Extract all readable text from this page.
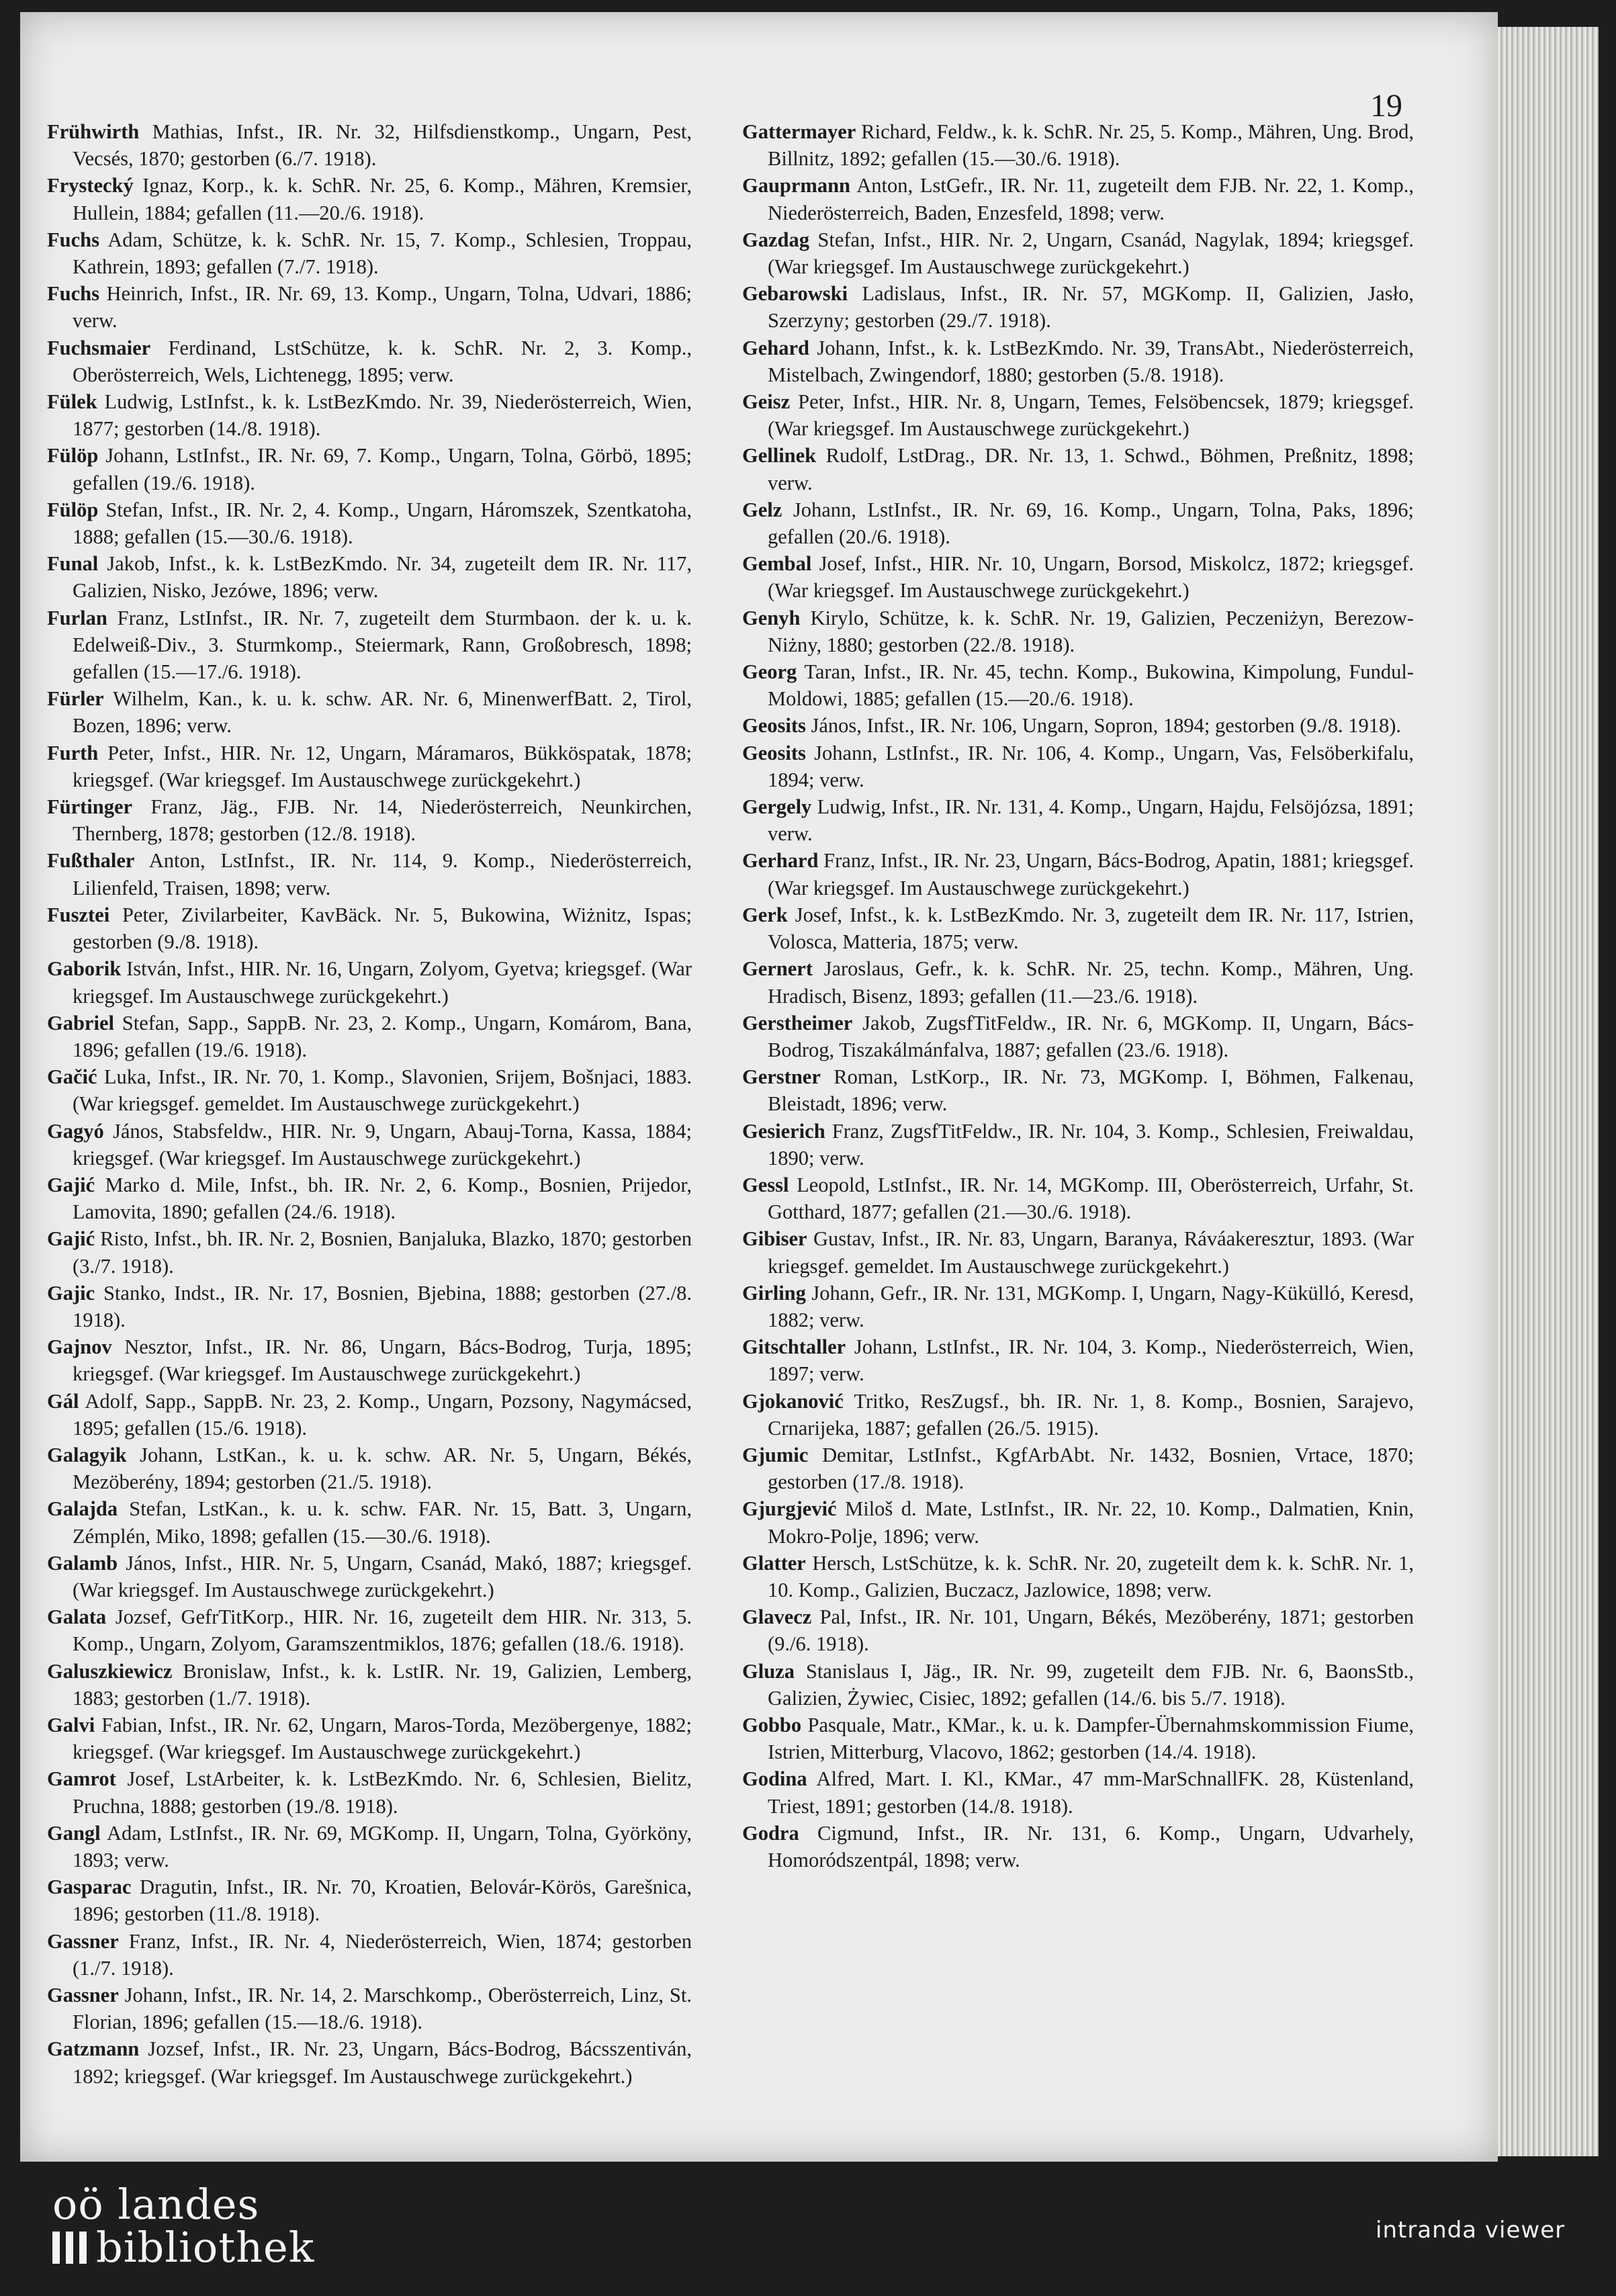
19
Frühwirth Mathias, Infst., IR. Nr. 32, Hilfsdienstkomp., Ungarn, Pest, Vecsés, 1870; gestorben (6./7. 1918).
Frystecký Ignaz, Korp., k. k. SchR. Nr. 25, 6. Komp., Mähren, Kremsier, Hullein, 1884; gefallen (11.—20./6. 1918).
Fuchs Adam, Schütze, k. k. SchR. Nr. 15, 7. Komp., Schlesien, Troppau, Kathrein, 1893; gefallen (7./7. 1918).
Fuchs Heinrich, Infst., IR. Nr. 69, 13. Komp., Ungarn, Tolna, Udvari, 1886; verw.
Fuchsmaier Ferdinand, LstSchütze, k. k. SchR. Nr. 2, 3. Komp., Oberösterreich, Wels, Lichtenegg, 1895; verw.
Fülek Ludwig, LstInfst., k. k. LstBezKmdo. Nr. 39, Niederösterreich, Wien, 1877; gestorben (14./8. 1918).
Fülöp Johann, LstInfst., IR. Nr. 69, 7. Komp., Ungarn, Tolna, Görbö, 1895; gefallen (19./6. 1918).
Fülöp Stefan, Infst., IR. Nr. 2, 4. Komp., Ungarn, Háromszek, Szentkatoha, 1888; gefallen (15.—30./6. 1918).
Funal Jakob, Infst., k. k. LstBezKmdo. Nr. 34, zugeteilt dem IR. Nr. 117, Galizien, Nisko, Jezówe, 1896; verw.
Furlan Franz, LstInfst., IR. Nr. 7, zugeteilt dem Sturmbaon. der k. u. k. Edelweiß-Div., 3. Sturmkomp., Steiermark, Rann, Großobresch, 1898; gefallen (15.—17./6. 1918).
Fürler Wilhelm, Kan., k. u. k. schw. AR. Nr. 6, MinenwerfBatt. 2, Tirol, Bozen, 1896; verw.
Furth Peter, Infst., HIR. Nr. 12, Ungarn, Máramaros, Bükköspatak, 1878; kriegsgef. (War kriegsgef. Im Austauschwege zurückgekehrt.)
Fürtinger Franz, Jäg., FJB. Nr. 14, Niederösterreich, Neunkirchen, Thernberg, 1878; gestorben (12./8. 1918).
Fußthaler Anton, LstInfst., IR. Nr. 114, 9. Komp., Niederösterreich, Lilienfeld, Traisen, 1898; verw.
Fusztei Peter, Zivilarbeiter, KavBäck. Nr. 5, Bukowina, Wiżnitz, Ispas; gestorben (9./8. 1918).
Gaborik István, Infst., HIR. Nr. 16, Ungarn, Zolyom, Gyetva; kriegsgef. (War kriegsgef. Im Austauschwege zurückgekehrt.)
Gabriel Stefan, Sapp., SappB. Nr. 23, 2. Komp., Ungarn, Komárom, Bana, 1896; gefallen (19./6. 1918).
Gačić Luka, Infst., IR. Nr. 70, 1. Komp., Slavonien, Srijem, Bošnjaci, 1883. (War kriegsgef. gemeldet. Im Austauschwege zurückgekehrt.)
Gagyó János, Stabsfeldw., HIR. Nr. 9, Ungarn, Abauj-Torna, Kassa, 1884; kriegsgef. (War kriegsgef. Im Austauschwege zurückgekehrt.)
Gajić Marko d. Mile, Infst., bh. IR. Nr. 2, 6. Komp., Bosnien, Prijedor, Lamovita, 1890; gefallen (24./6. 1918).
Gajić Risto, Infst., bh. IR. Nr. 2, Bosnien, Banjaluka, Blazko, 1870; gestorben (3./7. 1918).
Gajic Stanko, Indst., IR. Nr. 17, Bosnien, Bjebina, 1888; gestorben (27./8. 1918).
Gajnov Nesztor, Infst., IR. Nr. 86, Ungarn, Bács-Bodrog, Turja, 1895; kriegsgef. (War kriegsgef. Im Austauschwege zurückgekehrt.)
Gál Adolf, Sapp., SappB. Nr. 23, 2. Komp., Ungarn, Pozsony, Nagymácsed, 1895; gefallen (15./6. 1918).
Galagyik Johann, LstKan., k. u. k. schw. AR. Nr. 5, Ungarn, Békés, Mezöberény, 1894; gestorben (21./5. 1918).
Galajda Stefan, LstKan., k. u. k. schw. FAR. Nr. 15, Batt. 3, Ungarn, Zémplén, Miko, 1898; gefallen (15.—30./6. 1918).
Galamb János, Infst., HIR. Nr. 5, Ungarn, Csanád, Makó, 1887; kriegsgef. (War kriegsgef. Im Austauschwege zurückgekehrt.)
Galata Jozsef, GefrTitKorp., HIR. Nr. 16, zugeteilt dem HIR. Nr. 313, 5. Komp., Ungarn, Zolyom, Garamszentmiklos, 1876; gefallen (18./6. 1918).
Galuszkiewicz Bronislaw, Infst., k. k. LstIR. Nr. 19, Galizien, Lemberg, 1883; gestorben (1./7. 1918).
Galvi Fabian, Infst., IR. Nr. 62, Ungarn, Maros-Torda, Mezöbergenye, 1882; kriegsgef. (War kriegsgef. Im Austauschwege zurückgekehrt.)
Gamrot Josef, LstArbeiter, k. k. LstBezKmdo. Nr. 6, Schlesien, Bielitz, Pruchna, 1888; gestorben (19./8. 1918).
Gangl Adam, LstInfst., IR. Nr. 69, MGKomp. II, Ungarn, Tolna, Györköny, 1893; verw.
Gasparac Dragutin, Infst., IR. Nr. 70, Kroatien, Belovár-Körös, Garešnica, 1896; gestorben (11./8. 1918).
Gassner Franz, Infst., IR. Nr. 4, Niederösterreich, Wien, 1874; gestorben (1./7. 1918).
Gassner Johann, Infst., IR. Nr. 14, 2. Marschkomp., Oberösterreich, Linz, St. Florian, 1896; gefallen (15.—18./6. 1918).
Gatzmann Jozsef, Infst., IR. Nr. 23, Ungarn, Bács-Bodrog, Bácsszentiván, 1892; kriegsgef. (War kriegsgef. Im Austauschwege zurückgekehrt.)
Gattermayer Richard, Feldw., k. k. SchR. Nr. 25, 5. Komp., Mähren, Ung. Brod, Billnitz, 1892; gefallen (15.—30./6. 1918).
Gauprmann Anton, LstGefr., IR. Nr. 11, zugeteilt dem FJB. Nr. 22, 1. Komp., Niederösterreich, Baden, Enzesfeld, 1898; verw.
Gazdag Stefan, Infst., HIR. Nr. 2, Ungarn, Csanád, Nagylak, 1894; kriegsgef. (War kriegsgef. Im Austauschwege zurückgekehrt.)
Gebarowski Ladislaus, Infst., IR. Nr. 57, MGKomp. II, Galizien, Jasło, Szerzyny; gestorben (29./7. 1918).
Gehard Johann, Infst., k. k. LstBezKmdo. Nr. 39, TransAbt., Niederösterreich, Mistelbach, Zwingendorf, 1880; gestorben (5./8. 1918).
Geisz Peter, Infst., HIR. Nr. 8, Ungarn, Temes, Felsöbencsek, 1879; kriegsgef. (War kriegsgef. Im Austauschwege zurückgekehrt.)
Gellinek Rudolf, LstDrag., DR. Nr. 13, 1. Schwd., Böhmen, Preßnitz, 1898; verw.
Gelz Johann, LstInfst., IR. Nr. 69, 16. Komp., Ungarn, Tolna, Paks, 1896; gefallen (20./6. 1918).
Gembal Josef, Infst., HIR. Nr. 10, Ungarn, Borsod, Miskolcz, 1872; kriegsgef. (War kriegsgef. Im Austauschwege zurückgekehrt.)
Genyh Kirylo, Schütze, k. k. SchR. Nr. 19, Galizien, Peczeniżyn, Berezow-Niżny, 1880; gestorben (22./8. 1918).
Georg Taran, Infst., IR. Nr. 45, techn. Komp., Bukowina, Kimpolung, Fundul-Moldowi, 1885; gefallen (15.—20./6. 1918).
Geosits János, Infst., IR. Nr. 106, Ungarn, Sopron, 1894; gestorben (9./8. 1918).
Geosits Johann, LstInfst., IR. Nr. 106, 4. Komp., Ungarn, Vas, Felsöberkifalu, 1894; verw.
Gergely Ludwig, Infst., IR. Nr. 131, 4. Komp., Ungarn, Hajdu, Felsöjózsa, 1891; verw.
Gerhard Franz, Infst., IR. Nr. 23, Ungarn, Bács-Bodrog, Apatin, 1881; kriegsgef. (War kriegsgef. Im Austauschwege zurückgekehrt.)
Gerk Josef, Infst., k. k. LstBezKmdo. Nr. 3, zugeteilt dem IR. Nr. 117, Istrien, Volosca, Matteria, 1875; verw.
Gernert Jaroslaus, Gefr., k. k. SchR. Nr. 25, techn. Komp., Mähren, Ung. Hradisch, Bisenz, 1893; gefallen (11.—23./6. 1918).
Gerstheimer Jakob, ZugsfTitFeldw., IR. Nr. 6, MGKomp. II, Ungarn, Bács-Bodrog, Tiszakálmánfalva, 1887; gefallen (23./6. 1918).
Gerstner Roman, LstKorp., IR. Nr. 73, MGKomp. I, Böhmen, Falkenau, Bleistadt, 1896; verw.
Gesierich Franz, ZugsfTitFeldw., IR. Nr. 104, 3. Komp., Schlesien, Freiwaldau, 1890; verw.
Gessl Leopold, LstInfst., IR. Nr. 14, MGKomp. III, Oberösterreich, Urfahr, St. Gotthard, 1877; gefallen (21.—30./6. 1918).
Gibiser Gustav, Infst., IR. Nr. 83, Ungarn, Baranya, Ráváakeresztur, 1893. (War kriegsgef. gemeldet. Im Austauschwege zurückgekehrt.)
Girling Johann, Gefr., IR. Nr. 131, MGKomp. I, Ungarn, Nagy-Kükülló, Keresd, 1882; verw.
Gitschtaller Johann, LstInfst., IR. Nr. 104, 3. Komp., Niederösterreich, Wien, 1897; verw.
Gjokanović Tritko, ResZugsf., bh. IR. Nr. 1, 8. Komp., Bosnien, Sarajevo, Crnarijeka, 1887; gefallen (26./5. 1915).
Gjumic Demitar, LstInfst., KgfArbAbt. Nr. 1432, Bosnien, Vrtace, 1870; gestorben (17./8. 1918).
Gjurgjević Miloš d. Mate, LstInfst., IR. Nr. 22, 10. Komp., Dalmatien, Knin, Mokro-Polje, 1896; verw.
Glatter Hersch, LstSchütze, k. k. SchR. Nr. 20, zugeteilt dem k. k. SchR. Nr. 1, 10. Komp., Galizien, Buczacz, Jazlowice, 1898; verw.
Glavecz Pal, Infst., IR. Nr. 101, Ungarn, Békés, Mezöberény, 1871; gestorben (9./6. 1918).
Gluza Stanislaus I, Jäg., IR. Nr. 99, zugeteilt dem FJB. Nr. 6, BaonsStb., Galizien, Żywiec, Cisiec, 1892; gefallen (14./6. bis 5./7. 1918).
Gobbo Pasquale, Matr., KMar., k. u. k. Dampfer-Übernahmskommission Fiume, Istrien, Mitterburg, Vlacovo, 1862; gestorben (14./4. 1918).
Godina Alfred, Mart. I. Kl., KMar., 47 mm-MarSchnallFK. 28, Küstenland, Triest, 1891; gestorben (14./8. 1918).
Godra Cigmund, Infst., IR. Nr. 131, 6. Komp., Ungarn, Udvarhely, Homoródszentpál, 1898; verw.
oö landes
bibliothek	intranda viewer
